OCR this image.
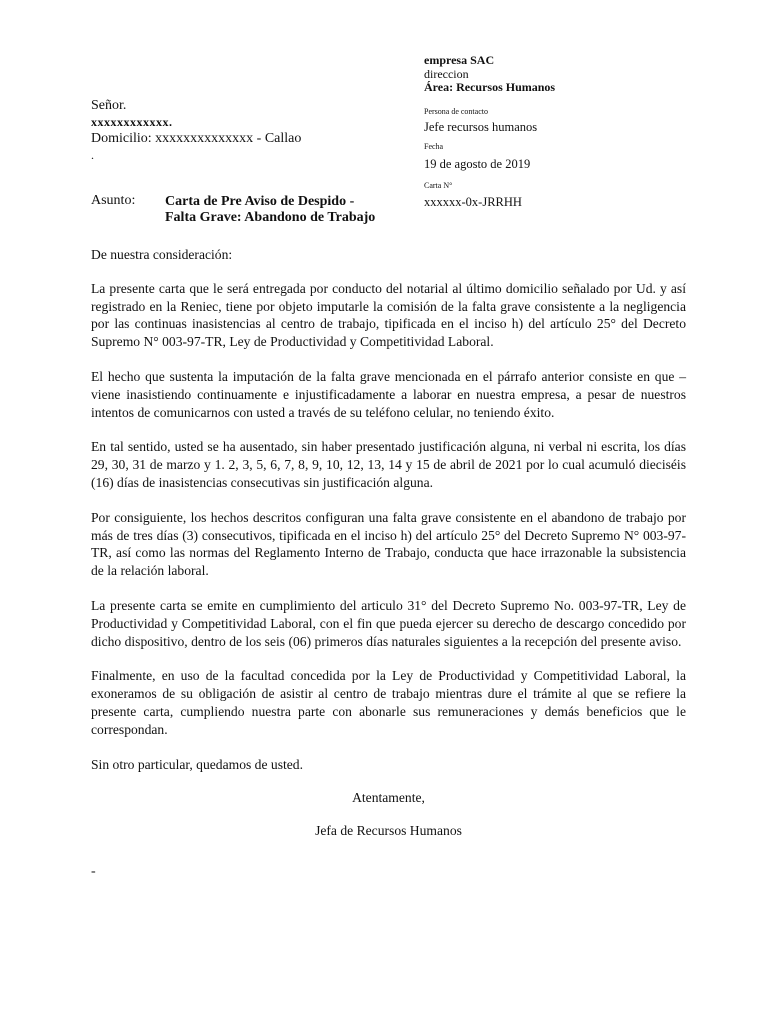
empresa SAC
direccion
Área: Recursos Humanos
Persona de contacto
Jefe recursos humanos
Fecha
19 de agosto de 2019
Carta N°
xxxxxx-0x-JRRHH
Señor.
xxxxxxxxxxxx.
Domicilio: xxxxxxxxxxxxxx - Callao
.
Asunto: Carta de Pre Aviso de Despido -
Falta Grave: Abandono de Trabajo

De nuestra consideración:

La presente carta que le será entregada por conducto del notarial al último domicilio señalado por Ud. y así registrado en la Reniec, tiene por objeto imputarle la comisión de la falta grave consistente a la negligencia por las continuas inasistencias al centro de trabajo, tipificada en el inciso h) del artículo 25° del Decreto Supremo N° 003-97-TR, Ley de Productividad y Competitividad Laboral.

El hecho que sustenta la imputación de la falta grave mencionada en el párrafo anterior consiste en que – viene inasistiendo continuamente e injustificadamente a laborar en nuestra empresa, a pesar de nuestros intentos de comunicarnos con usted a través de su teléfono celular, no teniendo éxito.

En tal sentido, usted se ha ausentado, sin haber presentado justificación alguna, ni verbal ni escrita, los días 29, 30, 31 de marzo y 1. 2, 3, 5, 6, 7, 8, 9, 10, 12, 13, 14 y 15 de abril de 2021 por lo cual acumuló dieciséis (16) días de inasistencias consecutivas sin justificación alguna.

Por consiguiente, los hechos descritos configuran una falta grave consistente en el abandono de trabajo por más de tres días (3) consecutivos, tipificada en el inciso h) del artículo 25° del Decreto Supremo N° 003-97-TR, así como las normas del Reglamento Interno de Trabajo, conducta que hace irrazonable la subsistencia de la relación laboral.

La presente carta se emite en cumplimiento del articulo 31° del Decreto Supremo No. 003-97-TR, Ley de Productividad y Competitividad Laboral, con el fin que pueda ejercer su derecho de descargo concedido por dicho dispositivo, dentro de los seis (06) primeros días naturales siguientes a la recepción del presente aviso.

Finalmente, en uso de la facultad concedida por la Ley de Productividad y Competitividad Laboral, la exoneramos de su obligación de asistir al centro de trabajo mientras dure el trámite al que se refiere la presente carta, cumpliendo nuestra parte con abonarle sus remuneraciones y demás beneficios que le correspondan.

Sin otro particular, quedamos de usted.

Atentamente,
Jefa de Recursos Humanos
-
